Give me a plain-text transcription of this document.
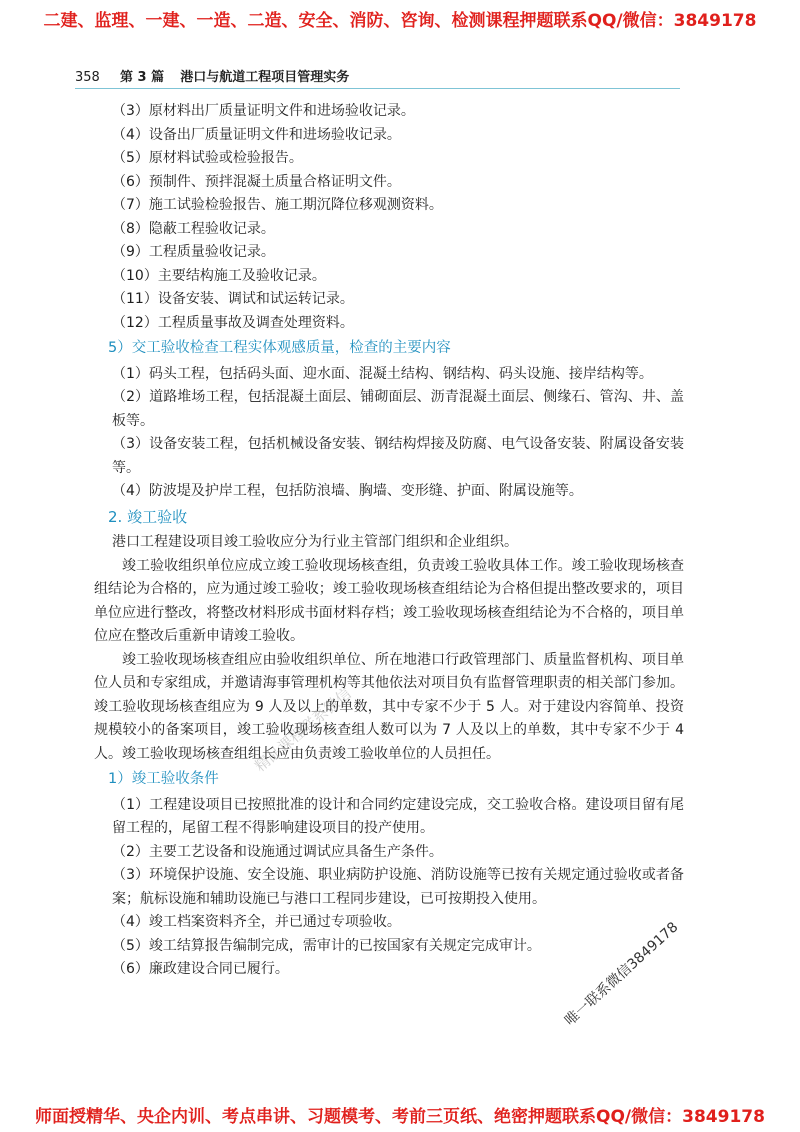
二建、监理、一建、一造、二造、安全、消防、咨询、检测课程押题联系QQ/微信：3849178
358 第 3 篇 港口与航道工程项目管理实务

（3）原材料出厂质量证明文件和进场验收记录。

（4）设备出厂质量证明文件和进场验收记录。

（5）原材料试验或检验报告。

（6）预制件、预拌混凝土质量合格证明文件。

（7）施工试验检验报告、施工期沉降位移观测资料。

（8）隐蔽工程验收记录。

（9）工程质量验收记录。

（10）主要结构施工及验收记录。

（11）设备安装、调试和试运转记录。

（12）工程质量事故及调查处理资料。

5）交工验收检查工程实体观感质量，检查的主要内容

（1）码头工程，包括码头面、迎水面、混凝土结构、钢结构、码头设施、接岸结构等。

（2）道路堆场工程，包括混凝土面层、铺砌面层、沥青混凝土面层、侧缘石、管沟、井、盖板等。

（3）设备安装工程，包括机械设备安装、钢结构焊接及防腐、电气设备安装、附属设备安装等。

（4）防波堤及护岸工程，包括防浪墙、胸墙、变形缝、护面、附属设施等。

2. 竣工验收

港口工程建设项目竣工验收应分为行业主管部门组织和企业组织。

竣工验收组织单位应成立竣工验收现场核查组，负责竣工验收具体工作。竣工验收现场核查组结论为合格的，应为通过竣工验收；竣工验收现场核查组结论为合格但提出整改要求的，项目单位应进行整改，将整改材料形成书面材料存档；竣工验收现场核查组结论为不合格的，项目单位应在整改后重新申请竣工验收。

竣工验收现场核查组应由验收组织单位、所在地港口行政管理部门、质量监督机构、项目单位人员和专家组成，并邀请海事管理机构等其他依法对项目负有监督管理职责的相关部门参加。竣工验收现场核查组应为 9 人及以上的单数，其中专家不少于 5 人。对于建设内容简单、投资规模较小的备案项目，竣工验收现场核查组人数可以为 7 人及以上的单数，其中专家不少于 4 人。竣工验收现场核查组组长应由负责竣工验收单位的人员担任。

1）竣工验收条件

（1）工程建设项目已按照批准的设计和合同约定建设完成，交工验收合格。建设项目留有尾留工程的，尾留工程不得影响建设项目的投产使用。

（2）主要工艺设备和设施通过调试应具备生产条件。

（3）环境保护设施、安全设施、职业病防护设施、消防设施等已按有关规定通过验收或者备案；航标设施和辅助设施已与港口工程同步建设，已可按期投入使用。

（4）竣工档案资料齐全，并已通过专项验收。

（5）竣工结算报告编制完成，需审计的已按国家有关规定完成审计。

（6）廉政建设合同已履行。

精品课程联系微信
唯一联系微信3849178
师面授精华、央企内训、考点串讲、习题模考、考前三页纸、绝密押题联系QQ/微信：3849178
